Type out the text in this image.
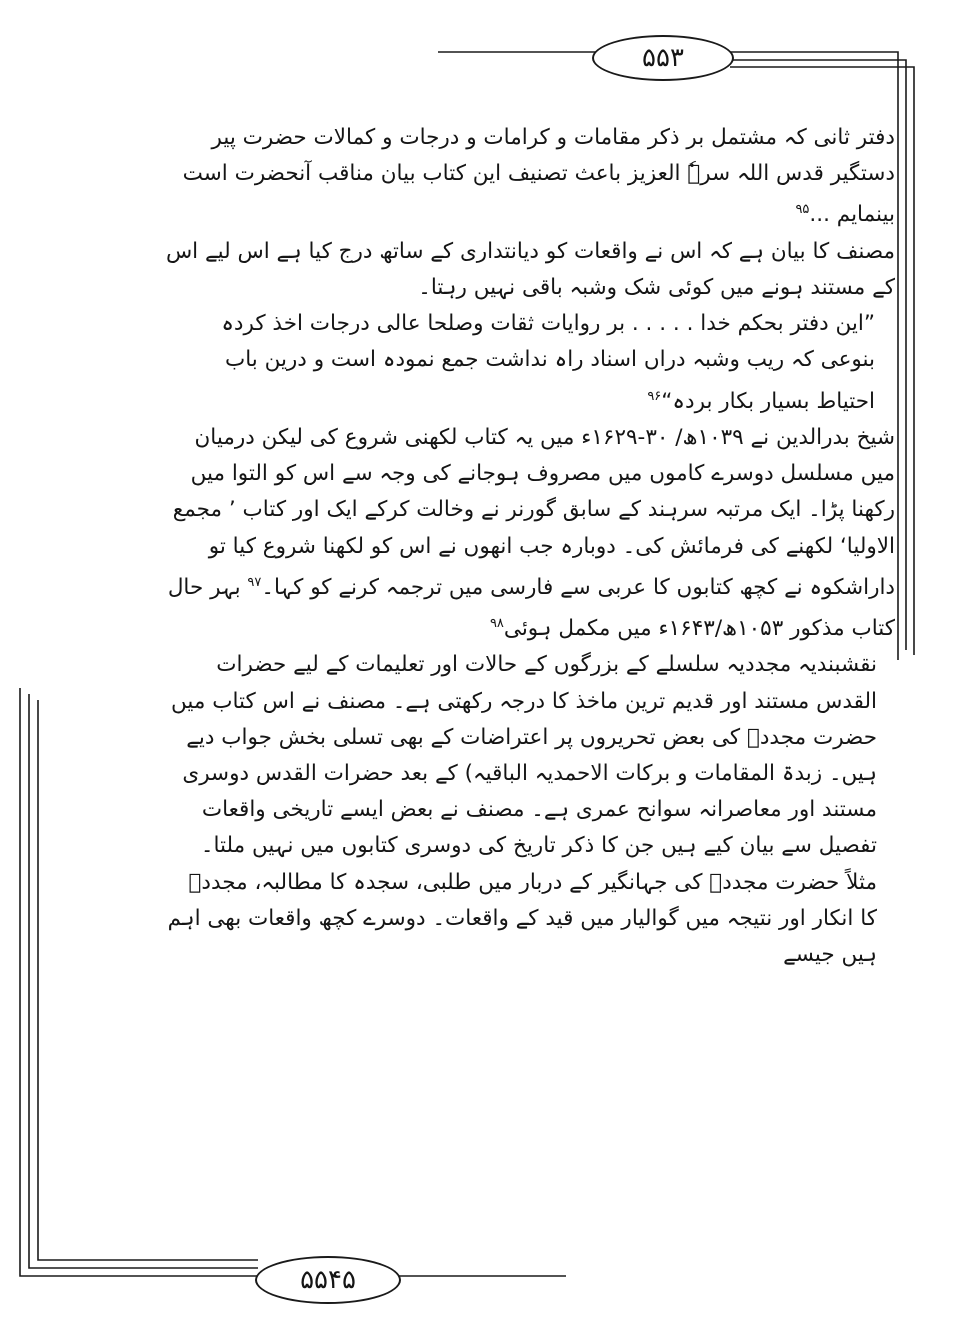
۵۵۳
۵۵۴۵

دفتر ثانی کہ مشتمل بر ذکر مقامات و کرامات و درجات و کمالات حضرت پیر دستگیر قدس اللہ سرہٗ العزیز باعث تصنیف این کتاب بیان مناقب آنحضرت است بینمایم ...$^{۹۵}$

مصنف کا بیان ہے کہ اس نے واقعات کو دیانتداری کے ساتھ درج کیا ہے اس لیے اس کے مستند ہونے میں کوئی شک وشبہ باقی نہیں رہتا۔

”این دفتر بحکم خدا . . . . . بر روایات ثقات وصلحا عالی درجات اخذ کردہ بنوعی کہ ریب وشبہ دراں اسناد راہ نداشت جمع نمودہ است و درین باب احتیاط بسیار بکار بردہ“$^{۹۶}$

شیخ بدرالدین نے ۱۰۳۹ھ/ ۳۰-۱۶۲۹ء میں یہ کتاب لکھنی شروع کی لیکن درمیان میں مسلسل دوسرے کاموں میں مصروف ہوجانے کی وجہ سے اس کو التوا میں رکھنا پڑا۔ ایک مرتبہ سرہند کے سابق گورنر نے وخالت کرکے ایک اور کتاب ’ مجمع الاولیا‘ لکھنے کی فرمائش کی۔ دوبارہ جب انھوں نے اس کو لکھنا شروع کیا تو داراشکوہ نے کچھ کتابوں کا عربی سے فارسی میں ترجمہ کرنے کو کہا۔$^{۹۷}$ بہر حال کتاب مذکور ۱۰۵۳ھ/۱۶۴۳ء میں مکمل ہوئی$^{۹۸}$

نقشبندیہ مجددیہ سلسلے کے بزرگوں کے حالات اور تعلیمات کے لیے حضرات القدس مستند اور قدیم ترین ماخذ کا درجہ رکھتی ہے۔ مصنف نے اس کتاب میں حضرت مجددؒ کی بعض تحریروں پر اعتراضات کے بھی تسلی بخش جواب دیے ہیں۔ زبدۃ المقامات و برکات الاحمدیہ الباقیہ) کے بعد حضرات القدس دوسری مستند اور معاصرانہ سوانح عمری ہے۔ مصنف نے بعض ایسے تاریخی واقعات تفصیل سے بیان کیے ہیں جن کا ذکر تاریخ کی دوسری کتابوں میں نہیں ملتا۔ مثلاً حضرت مجددؒ کی جہانگیر کے دربار میں طلبی، سجدہ کا مطالبہ، مجددؒ کا انکار اور نتیجہ میں گوالیار میں قید کے واقعات۔ دوسرے کچھ واقعات بھی اہم ہیں جیسے
